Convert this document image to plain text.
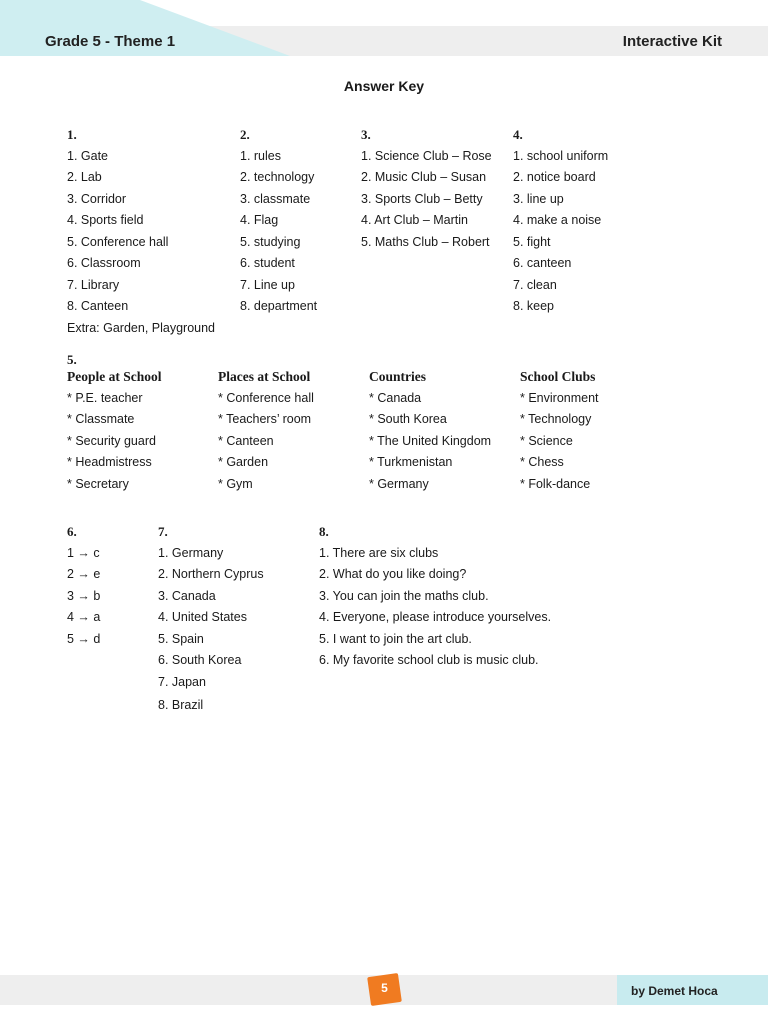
Grade 5 - Theme 1	Interactive Kit
Answer Key
1.
1. Gate
2. Lab
3. Corridor
4. Sports field
5. Conference hall
6. Classroom
7. Library
8. Canteen
Extra: Garden, Playground
2.
1. rules
2. technology
3. classmate
4. Flag
5. studying
6. student
7. Line up
8. department
3.
1. Science Club – Rose
2. Music Club – Susan
3. Sports Club – Betty
4. Art Club – Martin
5. Maths Club – Robert
4.
1. school uniform
2. notice board
3. line up
4. make a noise
5. fight
6. canteen
7. clean
8. keep
5.
People at School
* P.E. teacher
* Classmate
* Security guard
* Headmistress
* Secretary
Places at School
* Conference hall
* Teachers’ room
* Canteen
* Garden
* Gym
Countries
* Canada
* South Korea
* The United Kingdom
* Turkmenistan
* Germany
School Clubs
* Environment
* Technology
* Science
* Chess
* Folk-dance
6.
1 → c
2 → e
3 → b
4 → a
5 → d
7.
1. Germany
2. Northern Cyprus
3. Canada
4. United States
5. Spain
6. South Korea
7. Japan
8. Brazil
8.
1. There are six clubs
2. What do you like doing?
3. You can join the maths club.
4. Everyone, please introduce yourselves.
5. I want to join the art club.
6. My favorite school club is music club.
5	by Demet Hoca
